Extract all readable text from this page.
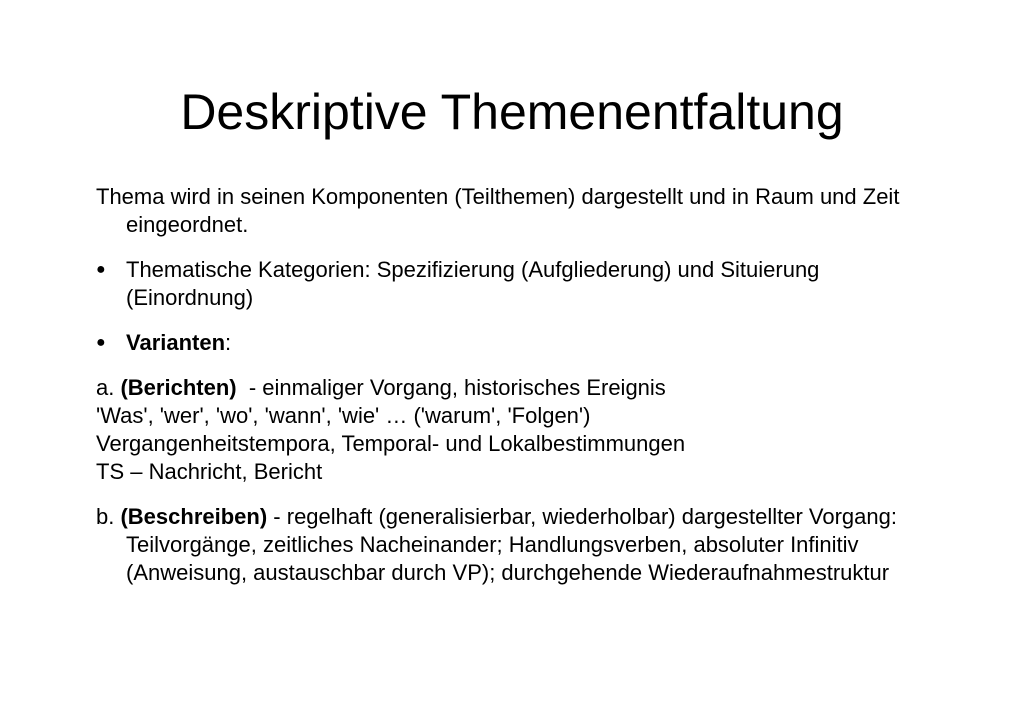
Deskriptive Themenentfaltung

Thema wird in seinen Komponenten (Teilthemen) dargestellt und in Raum und Zeit eingeordnet.

● Thematische Kategorien: Spezifizierung (Aufgliederung) und Situierung (Einordnung)

● Varianten:

a. (Berichten)  - einmaliger Vorgang, historisches Ereignis
'Was', 'wer', 'wo', 'wann', 'wie' … ('warum', 'Folgen')
Vergangenheitstempora, Temporal- und Lokalbestimmungen
TS – Nachricht, Bericht

b. (Beschreiben) - regelhaft (generalisierbar, wiederholbar) dargestellter Vorgang: Teilvorgänge, zeitliches Nacheinander; Handlungsverben, absoluter Infinitiv (Anweisung, austauschbar durch VP); durchgehende Wiederaufnahmestruktur
